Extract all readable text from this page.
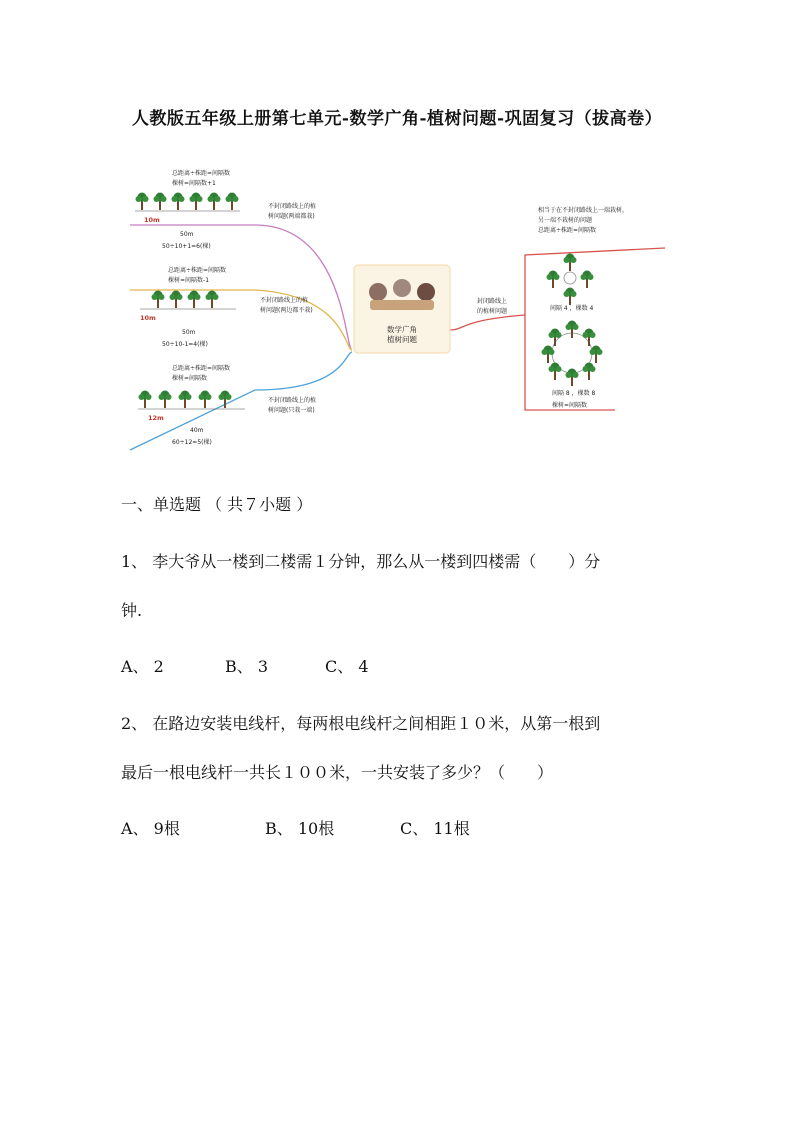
人教版五年级上册第七单元-数学广角-植树问题-巩固复习（拔高卷）
数学广角
植树问题
总距离÷株距=间隔数
棵树=间隔数+1
10m
50m
50÷10+1=6(棵)
不封闭路线上的植
树问题(两端都栽)
总距离÷株距=间隔数
棵树=间隔数-1
10m
50m
50÷10-1=4(棵)
不封闭路线上的植
树问题(两边都不栽)
总距离÷株距=间隔数
棵树=间隔数
12m
40m
60÷12=5(棵)
不封闭路线上的植
树问题(只栽一端)
封闭路线上
的植树问题
相当于在不封闭路线上一端栽树，
另一端不栽树的问题
总距离÷株距=间隔数
间隔 4 ，棵数 4
间隔 8 ，棵数 8
棵树=间隔数
一、单选题 （ 共７小题 ）
1、 李大爷从一楼到二楼需１分钟，那么从一楼到四楼需（　　）分
钟.
A、 2	B、 3	C、 4
2、 在路边安装电线杆，每两根电线杆之间相距１０米，从第一根到
最后一根电线杆一共长１００米，一共安装了多少？（　　）
A、 9根	B、 10根	C、 11根
